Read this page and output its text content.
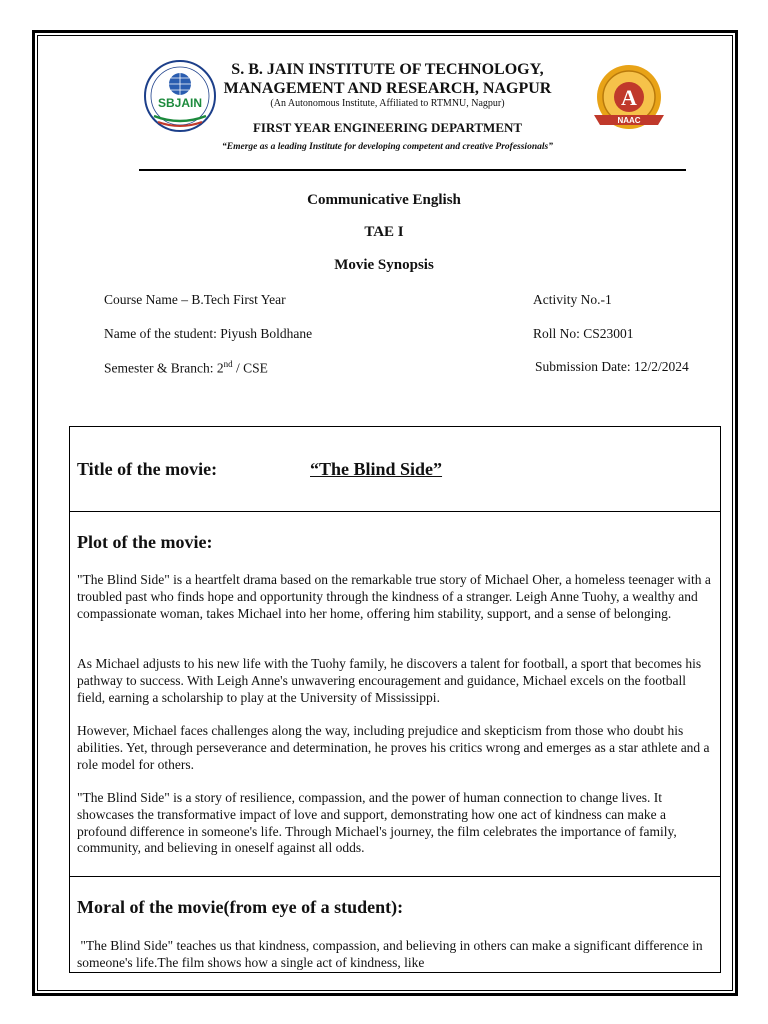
SBJAIN	A
NAAC
S. B. JAIN INSTITUTE OF TECHNOLOGY,
MANAGEMENT AND RESEARCH, NAGPUR
(An Autonomous Institute, Affiliated to RTMNU, Nagpur)
FIRST YEAR ENGINEERING DEPARTMENT
“Emerge as a leading Institute for developing competent and creative Professionals”
Communicative English
TAE I
Movie Synopsis
Course Name – B.Tech First Year	Activity No.-1
Name of the student: Piyush Boldhane	Roll No: CS23001
Semester & Branch: 2nd / CSE	Submission Date: 12/2/2024
Title of the movie:	“The Blind Side”
Plot of the movie:

"The Blind Side" is a heartfelt drama based on the remarkable true story of Michael Oher, a homeless teenager with a troubled past who finds hope and opportunity through the kindness of a stranger. Leigh Anne Tuohy, a wealthy and compassionate woman, takes Michael into her home, offering him stability, support, and a sense of belonging.

As Michael adjusts to his new life with the Tuohy family, he discovers a talent for football, a sport that becomes his pathway to success. With Leigh Anne's unwavering encouragement and guidance, Michael excels on the football field, earning a scholarship to play at the University of Mississippi.

However, Michael faces challenges along the way, including prejudice and skepticism from those who doubt his abilities. Yet, through perseverance and determination, he proves his critics wrong and emerges as a star athlete and a role model for others.

"The Blind Side" is a story of resilience, compassion, and the power of human connection to change lives. It showcases the transformative impact of love and support, demonstrating how one act of kindness can make a profound difference in someone's life. Through Michael's journey, the film celebrates the importance of family, community, and believing in oneself against all odds.

Moral of the movie(from eye of a student):

"The Blind Side" teaches us that kindness, compassion, and believing in others can make a significant difference in someone's life.The film shows how a single act of kindness, like
